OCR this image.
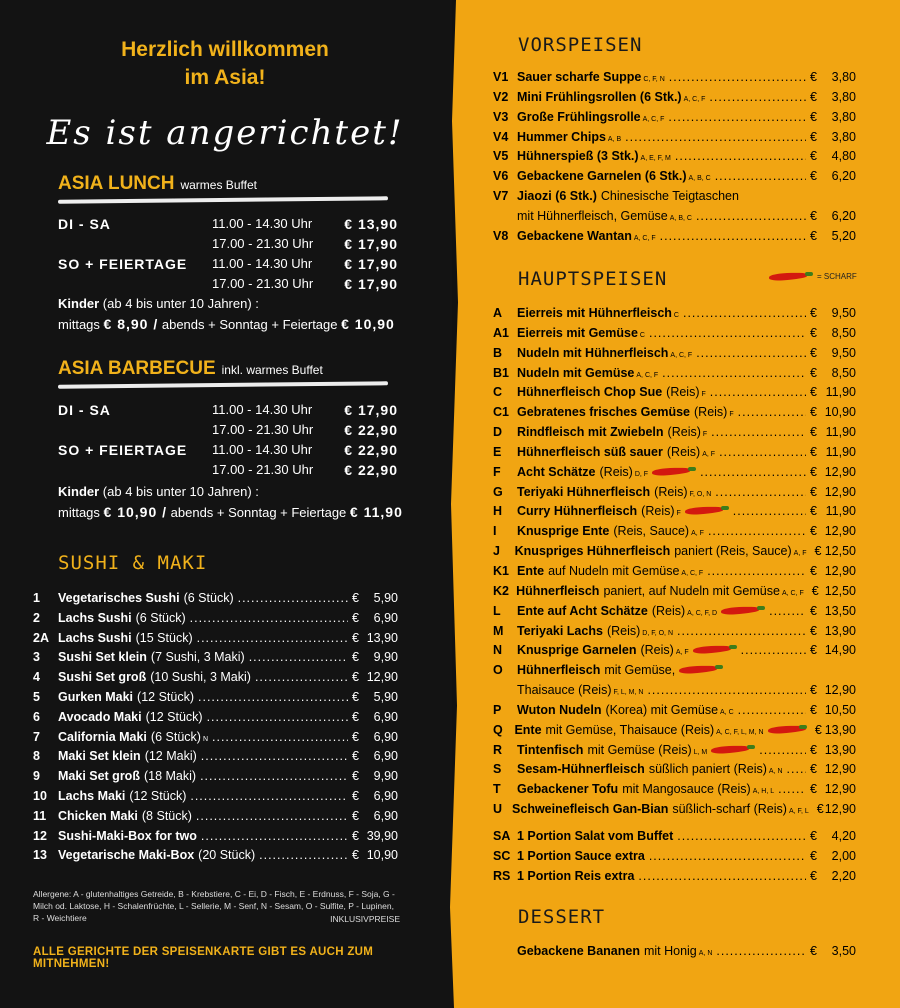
Herzlich willkommen
im Asia!
Es ist angerichtet!
ASIA LUNCH warmes Buffet
DI - SA	11.00 - 14.30 Uhr € 13,90
17.00 - 21.30 Uhr € 17,90
SO + FEIERTAGE 11.00 - 14.30 Uhr € 17,90
17.00 - 21.30 Uhr € 17,90
Kinder (ab 4 bis unter 10 Jahren) :
mittags € 8,90 / abends + Sonntag + Feiertage € 10,90
ASIA BARBECUE inkl. warmes Buffet
DI - SA	11.00 - 14.30 Uhr € 17,90
17.00 - 21.30 Uhr € 22,90
SO + FEIERTAGE 11.00 - 14.30 Uhr € 22,90
17.00 - 21.30 Uhr € 22,90
Kinder (ab 4 bis unter 10 Jahren) :
mittags € 10,90 / abends + Sonntag + Feiertage € 11,90
SUSHI & MAKI
1	Vegetarisches Sushi (6 Stück) .....	€	5,90
2	Lachs Sushi (6 Stück) .....	€	6,90
2A Lachs Sushi (15 Stück) .....	€ 13,90
3	Sushi Set klein (7 Sushi, 3 Maki) .....	€	9,90
4	Sushi Set groß (10 Sushi, 3 Maki) .....	€ 12,90
5	Gurken Maki (12 Stück) .....	€	5,90
6	Avocado Maki (12 Stück) .....	€	6,90
7	California Maki (6 Stück) $_N$ .....	€	6,90
8	Maki Set klein (12 Maki) .....	€	6,90
9	Maki Set groß (18 Maki) .....	€	9,90
10 Lachs Maki (12 Stück) .....	€	6,90
11 Chicken Maki (8 Stück) .....	€	6,90
12 Sushi-Maki-Box for two .....	€ 39,90
13 Vegetarische Maki-Box (20 Stück) .....	€ 10,90
Allergene: A - glutenhaltiges Getreide, B - Krebstiere, C - Ei, D - Fisch, E - Erdnuss, F - Soja, G - Milch od. Laktose, H - Schalenfrüchte, L - Sellerie, M - Senf, N - Sesam, O - Sulfite, P - Lupinen, R - Weichtiere	INKLUSIVPREISE
ALLE GERICHTE DER SPEISENKARTE GIBT ES AUCH ZUM MITNEHMEN!
VORSPEISEN
V1 Sauer scharfe Suppe $_{C, F, N}$ .....	€	3,80
V2 Mini Frühlingsrollen (6 Stk.) $_{A, C, F}$ .....	€	3,80
V3 Große Frühlingsrolle $_{A, C, F}$ .....	€	3,80
V4 Hummer Chips $_{A, B}$ .....	€	3,80
V5 Hühnerspieß (3 Stk.) $_{A, E, F, M}$ .....	€	4,80
V6 Gebackene Garnelen (6 Stk.) $_{A, B, C}$ .....	€	6,20
V7 Jiaozi (6 Stk.) Chinesische Teigtaschen
mit Hühnerfleisch, Gemüse $_{A, B, C}$ .....	€	6,20
V8 Gebackene Wantan $_{A, C, F}$ .....	€	5,20
HAUPTSPEISEN	= SCHARF
A	Eierreis mit Hühnerfleisch $_C$ .....	€	9,50
A1 Eierreis mit Gemüse $_C$ .....	€	8,50
B	Nudeln mit Hühnerfleisch $_{A, C, F}$ .....	€	9,50
B1 Nudeln mit Gemüse $_{A, C, F}$ .....	€	8,50
C	Hühnerfleisch Chop Sue (Reis) $_F$ .....	€ 11,90
C1 Gebratenes frisches Gemüse (Reis) $_F$ .....	€ 10,90
D	Rindfleisch mit Zwiebeln (Reis) $_F$ .....	€ 11,90
E	Hühnerfleisch süß sauer (Reis) $_{A, F}$ .....	€ 11,90
F	Acht Schätze (Reis) $_{D, F}$ .....	€ 12,90
G	Teriyaki Hühnerfleisch (Reis) $_{F, O, N}$ .....	€ 12,90
H	Curry Hühnerfleisch (Reis) $_F$ .....	€ 11,90
I	Knusprige Ente (Reis, Sauce) $_{A, F}$ .....	€ 12,90
J	Knuspriges Hühnerfleisch paniert (Reis, Sauce) $_{A, F}$ € 12,50
K1 Ente auf Nudeln mit Gemüse $_{A, C, F}$ .....	€ 12,90
K2 Hühnerfleisch paniert, auf Nudeln mit Gemüse $_{A, C, F}$ € 12,50
L	Ente auf Acht Schätze (Reis) $_{A, C, F, D}$ .....	€ 13,50
M	Teriyaki Lachs (Reis) $_{D, F, O, N}$ .....	€ 13,90
N	Knusprige Garnelen (Reis) $_{A, F}$ .....	€ 14,90
O	Hühnerfleisch mit Gemüse,
Thaisauce (Reis) $_{F, L, M, N}$ .....	€ 12,90
P	Wuton Nudeln (Korea) mit Gemüse $_{A, C}$ .....	€ 10,50
Q Ente mit Gemüse, Thaisauce (Reis) $_{A, C, F, L, M, N}$	€ 13,90
R	Tintenfisch mit Gemüse (Reis) $_{L, M}$ .....	€ 13,90
S	Sesam-Hühnerfleisch süßlich paniert (Reis) $_{A, N}$ ..... € 12,90
T	Gebackener Tofu mit Mangosauce (Reis) $_{A, H, L}$ .....	€ 12,90
U Schweinefleisch Gan-Bian süßlich-scharf (Reis) $_{A, F, L}$ € 12,90
SA 1 Portion Salat vom Buffet .....	€	4,20
SC 1 Portion Sauce extra .....	€	2,00
RS 1 Portion Reis extra .....	€	2,20
DESSERT
Gebackene Bananen mit Honig $_{A, N}$ .....	€	3,50
